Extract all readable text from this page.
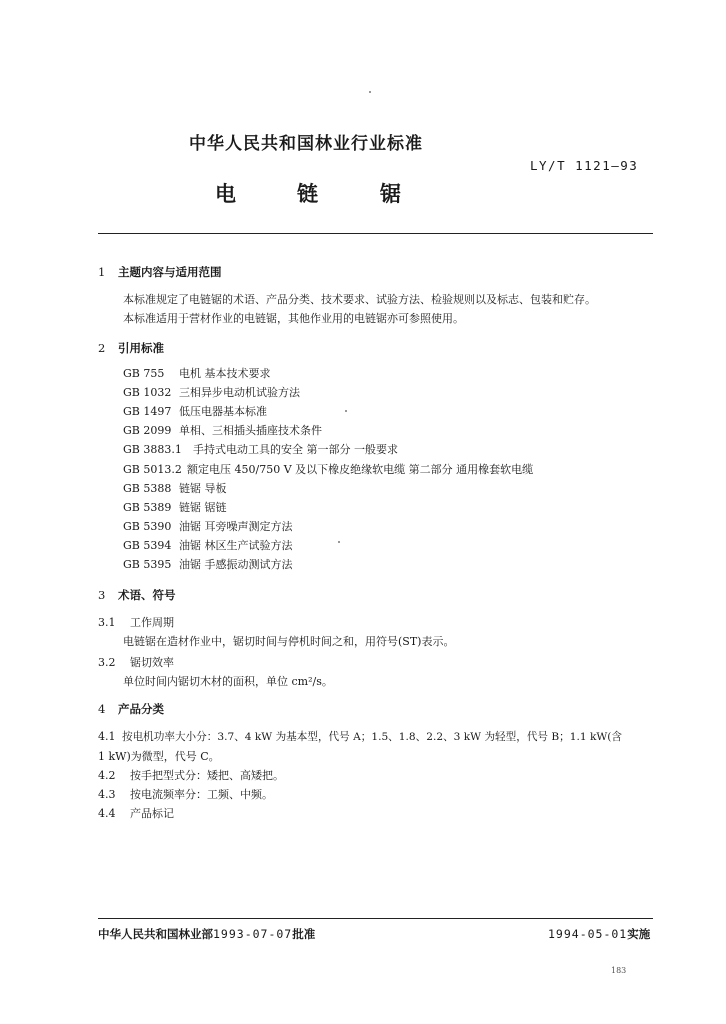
中华人民共和国林业行业标准
LY/T 1121—93
电	链	锯
1 主题内容与适用范围
本标准规定了电链锯的术语、产品分类、技术要求、试验方法、检验规则以及标志、包装和贮存。
本标准适用于营材作业的电链锯，其他作业用的电链锯亦可参照使用。
2 引用标准
GB 755 电机 基本技术要求
GB 1032 三相异步电动机试验方法
GB 1497 低压电器基本标准
GB 2099 单相、三相插头插座技术条件
GB 3883.1 手持式电动工具的安全 第一部分 一般要求
GB 5013.2 额定电压 450/750 V 及以下橡皮绝缘软电缆 第二部分 通用橡套软电缆
GB 5388 链锯 导板
GB 5389 链锯 锯链
GB 5390 油锯 耳旁噪声测定方法
GB 5394 油锯 林区生产试验方法
GB 5395 油锯 手感振动测试方法
3 术语、符号
3.1 工作周期
电链锯在造材作业中，锯切时间与停机时间之和，用符号(ST)表示。
3.2 锯切效率
单位时间内锯切木材的面积，单位 cm²/s。
4 产品分类
4.1 按电机功率大小分：3.7、4 kW 为基本型，代号 A；1.5、1.8、2.2、3 kW 为轻型，代号 B；1.1 kW(含
1 kW)为微型，代号 C。
4.2 按手把型式分：矮把、高矮把。
4.3 按电流频率分：工频、中频。
4.4 产品标记
中华人民共和国林业部1993-07-07批准	1994-05-01实施
183
